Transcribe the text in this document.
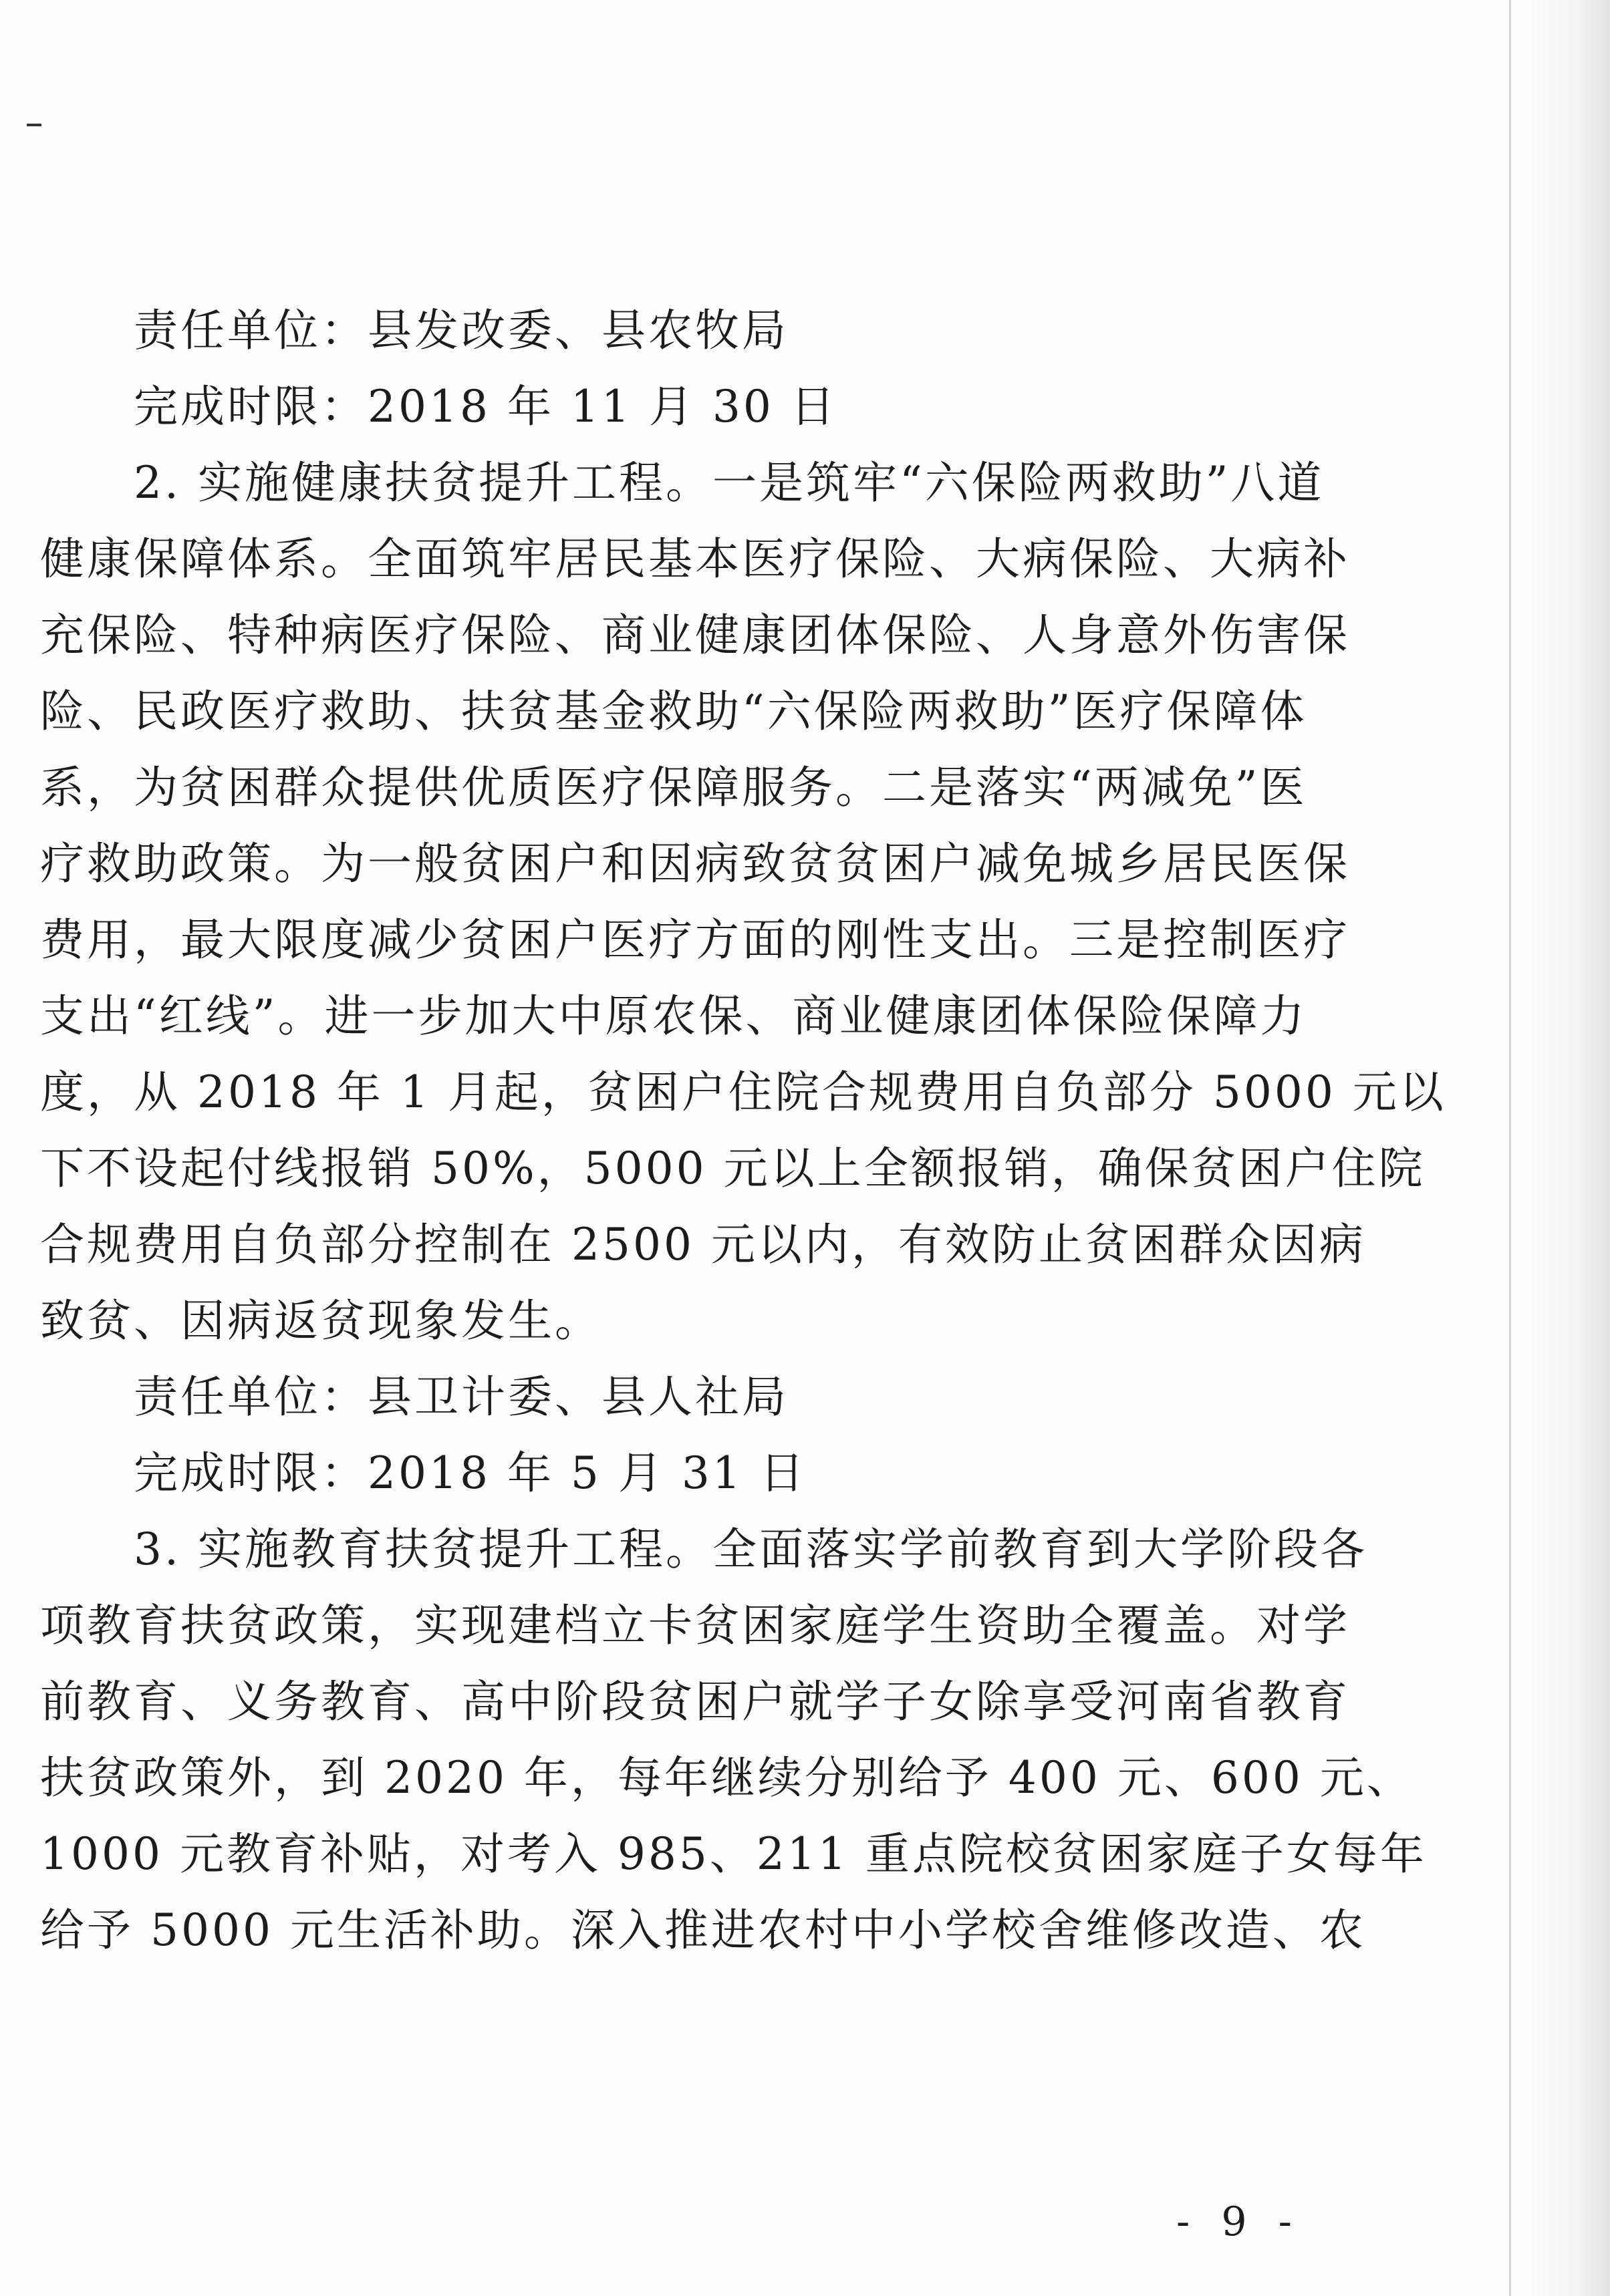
责任单位：县发改委、县农牧局
完成时限：2018 年 11 月 30 日
2. 实施健康扶贫提升工程。一是筑牢“六保险两救助”八道
健康保障体系。全面筑牢居民基本医疗保险、大病保险、大病补
充保险、特种病医疗保险、商业健康团体保险、人身意外伤害保
险、民政医疗救助、扶贫基金救助“六保险两救助”医疗保障体
系，为贫困群众提供优质医疗保障服务。二是落实“两减免”医
疗救助政策。为一般贫困户和因病致贫贫困户减免城乡居民医保
费用，最大限度减少贫困户医疗方面的刚性支出。三是控制医疗
支出“红线”。进一步加大中原农保、商业健康团体保险保障力
度，从 2018 年 1 月起，贫困户住院合规费用自负部分 5000 元以
下不设起付线报销 50%，5000 元以上全额报销，确保贫困户住院
合规费用自负部分控制在 2500 元以内，有效防止贫困群众因病
致贫、因病返贫现象发生。
责任单位：县卫计委、县人社局
完成时限：2018 年 5 月 31 日
3. 实施教育扶贫提升工程。全面落实学前教育到大学阶段各
项教育扶贫政策，实现建档立卡贫困家庭学生资助全覆盖。对学
前教育、义务教育、高中阶段贫困户就学子女除享受河南省教育
扶贫政策外，到 2020 年，每年继续分别给予 400 元、600 元、
1000 元教育补贴，对考入 985、211 重点院校贫困家庭子女每年
给予 5000 元生活补助。深入推进农村中小学校舍维修改造、农
- 9 -
